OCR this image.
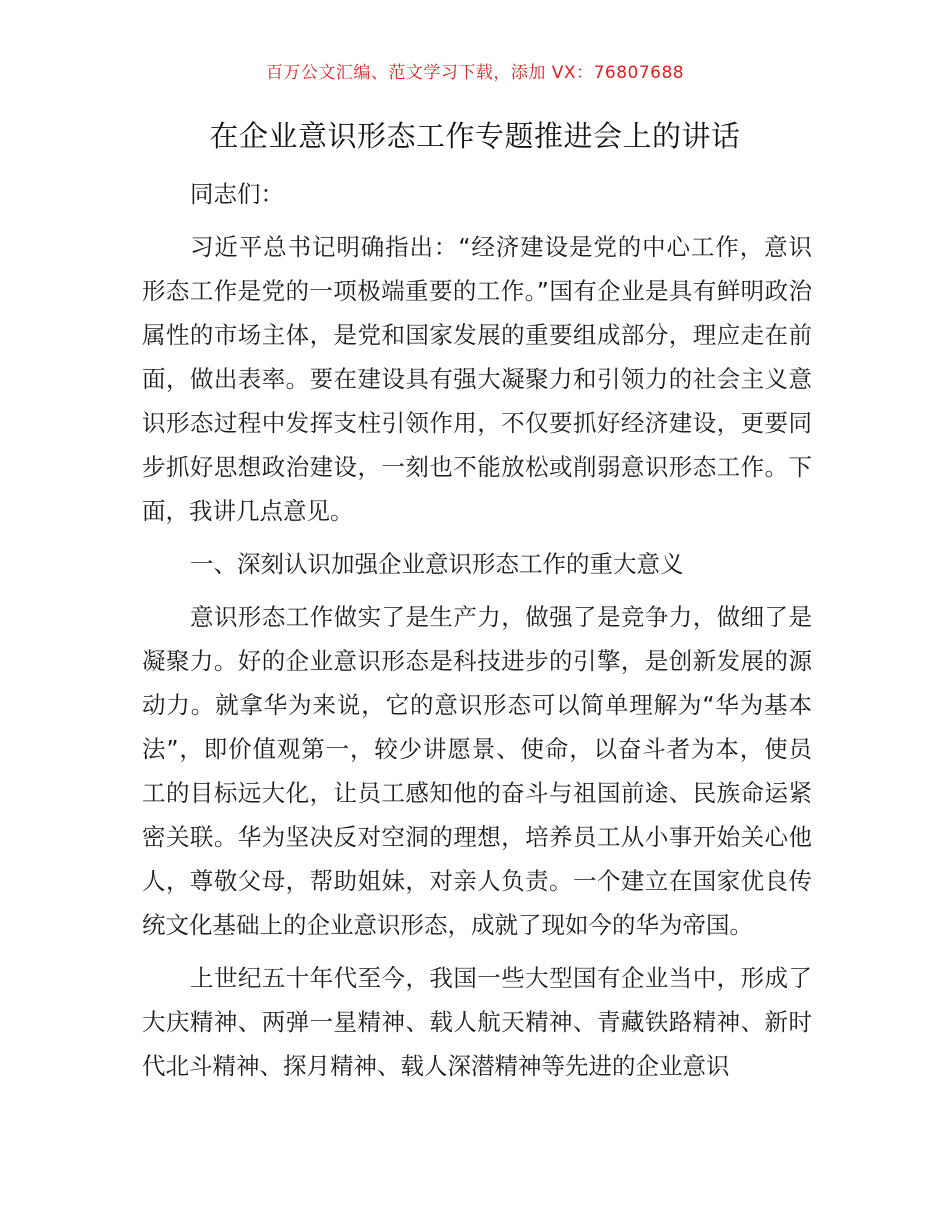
百万公文汇编、范文学习下载，添加 VX：76807688
在企业意识形态工作专题推进会上的讲话

同志们：

习近平总书记明确指出：“经济建设是党的中心工作，意识形态工作是党的一项极端重要的工作。”国有企业是具有鲜明政治属性的市场主体，是党和国家发展的重要组成部分，理应走在前面，做出表率。要在建设具有强大凝聚力和引领力的社会主义意识形态过程中发挥支柱引领作用，不仅要抓好经济建设，更要同步抓好思想政治建设，一刻也不能放松或削弱意识形态工作。下面，我讲几点意见。

一、深刻认识加强企业意识形态工作的重大意义

意识形态工作做实了是生产力，做强了是竞争力，做细了是凝聚力。好的企业意识形态是科技进步的引擎，是创新发展的源动力。就拿华为来说，它的意识形态可以简单理解为“华为基本法”，即价值观第一，较少讲愿景、使命，以奋斗者为本，使员工的目标远大化，让员工感知他的奋斗与祖国前途、民族命运紧密关联。华为坚决反对空洞的理想，培养员工从小事开始关心他人，尊敬父母，帮助姐妹，对亲人负责。一个建立在国家优良传统文化基础上的企业意识形态，成就了现如今的华为帝国。

上世纪五十年代至今，我国一些大型国有企业当中，形成了大庆精神、两弹一星精神、载人航天精神、青藏铁路精神、新时代北斗精神、探月精神、载人深潜精神等先进的企业意识
